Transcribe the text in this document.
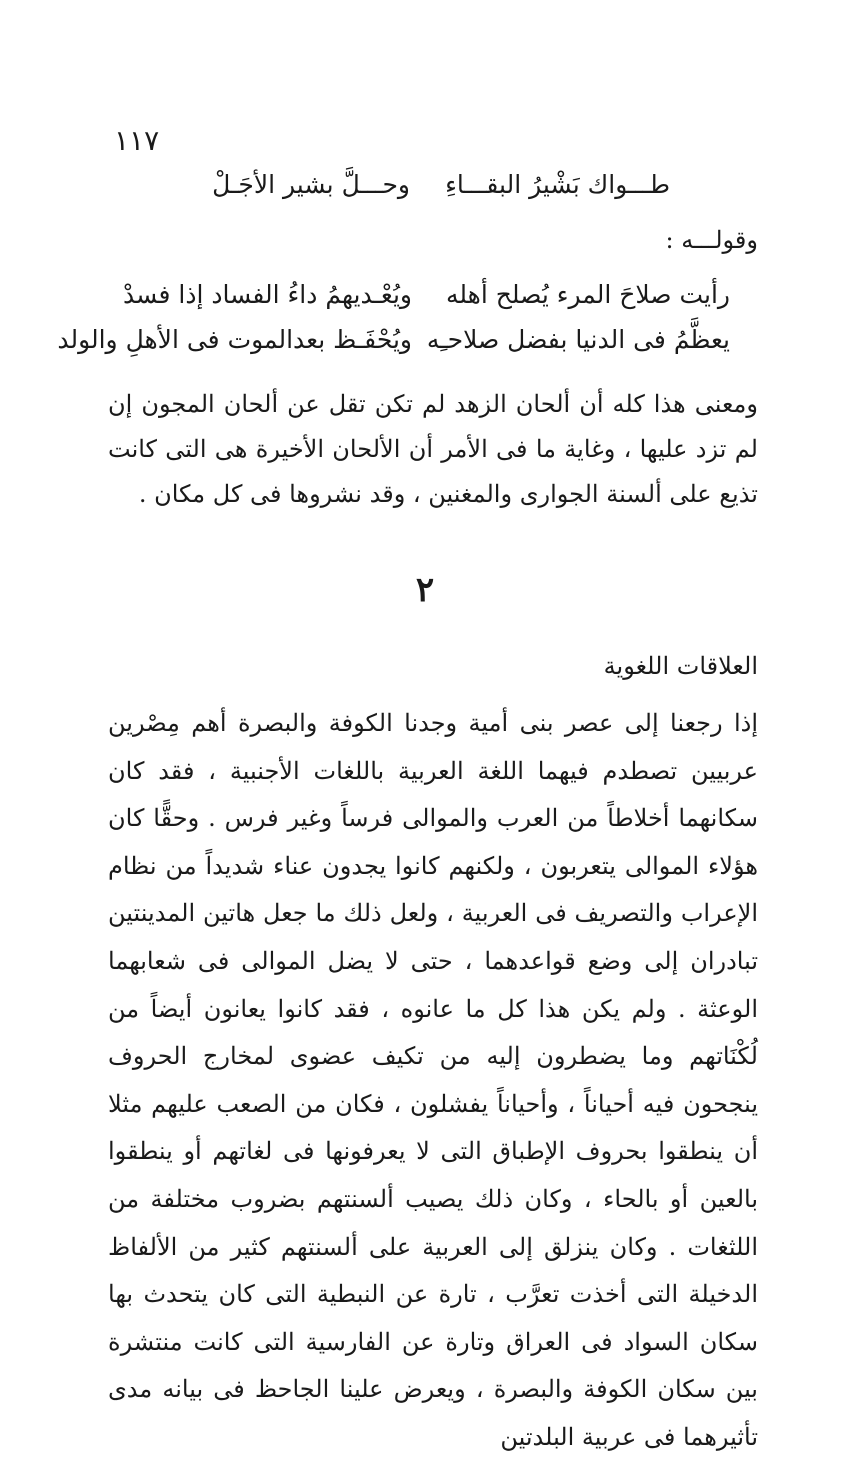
١١٧
طـــواك بَشْيرُ البقـــاءِ
وحـــلَّ بشير الأجَـلْ
وقولـــه :
رأيت صلاحَ المرء يُصلح أهله
ويُعْـديهمُ داءُ الفساد إذا فسدْ
يعظَّمُ فى الدنيا بفضل صلاحـِه
ويُحْفَـظ بعدالموت فى الأهلِ والولد

ومعنى هذا كله أن ألحان الزهد لم تكن تقل عن ألحان المجون إن لم تزد عليها ، وغاية ما فى الأمر أن الألحان الأخيرة هى التى كانت تذيع على ألسنة الجوارى والمغنين ، وقد نشروها فى كل مكان .

٢
العلاقات اللغوية

إذا رجعنا إلى عصر بنى أمية وجدنا الكوفة والبصرة أهم مِصْرين عربيين تصطدم فيهما اللغة العربية باللغات الأجنبية ، فقد كان سكانهما أخلاطاً من العرب والموالى فرساً وغير فرس . وحقًّا كان هؤلاء الموالى يتعربون ، ولكنهم كانوا يجدون عناء شديداً من نظام الإعراب والتصريف فى العربية ، ولعل ذلك ما جعل هاتين المدينتين تبادران إلى وضع قواعدهما ، حتى لا يضل الموالى فى شعابهما الوعثة . ولم يكن هذا كل ما عانوه ، فقد كانوا يعانون أيضاً من لُكْنَاتهم وما يضطرون إليه من تكيف عضوى لمخارج الحروف ينجحون فيه أحياناً ، وأحياناً يفشلون ، فكان من الصعب عليهم مثلا أن ينطقوا بحروف الإطباق التى لا يعرفونها فى لغاتهم أو ينطقوا بالعين أو بالحاء ، وكان ذلك يصيب ألسنتهم بضروب مختلفة من اللثغات . وكان ينزلق إلى العربية على ألسنتهم كثير من الألفاظ الدخيلة التى أخذت تعرَّب ، تارة عن النبطية التى كان يتحدث بها سكان السواد فى العراق وتارة عن الفارسية التى كانت منتشرة بين سكان الكوفة والبصرة ، ويعرض علينا الجاحظ فى بيانه مدى تأثيرهما فى عربية البلدتين
